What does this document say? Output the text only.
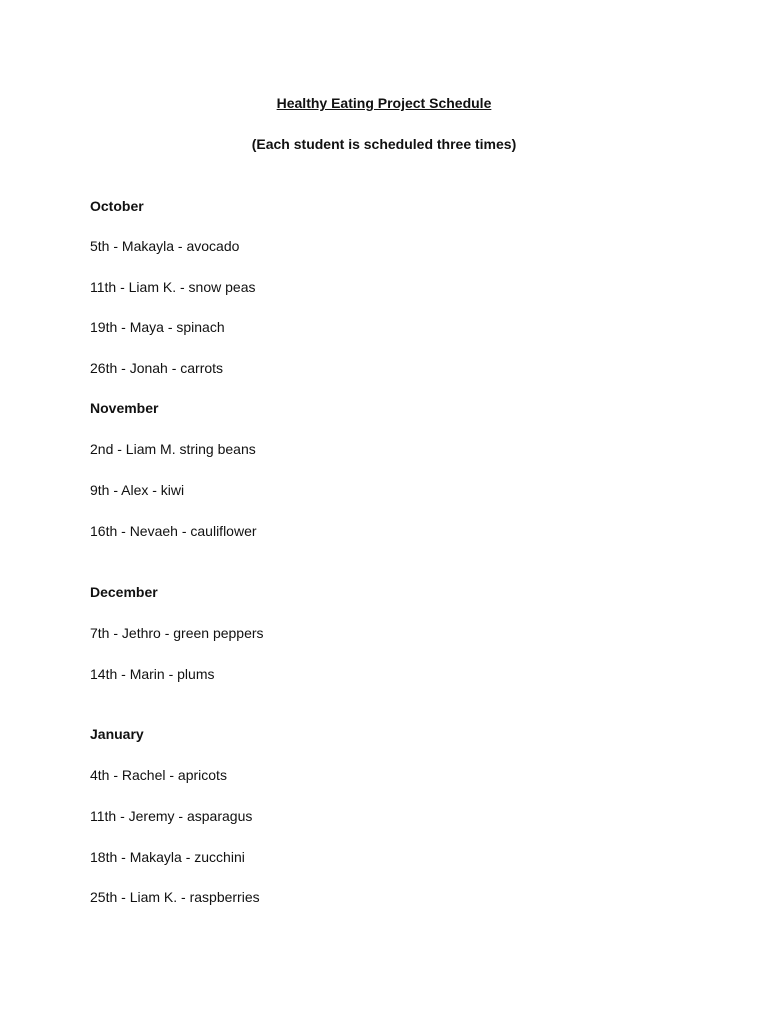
Healthy Eating Project Schedule
(Each student is scheduled three times)
October
5th - Makayla - avocado
11th - Liam K. - snow peas
19th - Maya - spinach
26th - Jonah - carrots
November
2nd - Liam M. string beans
9th - Alex - kiwi
16th - Nevaeh - cauliflower
December
7th - Jethro - green peppers
14th - Marin - plums
January
4th - Rachel - apricots
11th - Jeremy - asparagus
18th - Makayla - zucchini
25th - Liam K. - raspberries
